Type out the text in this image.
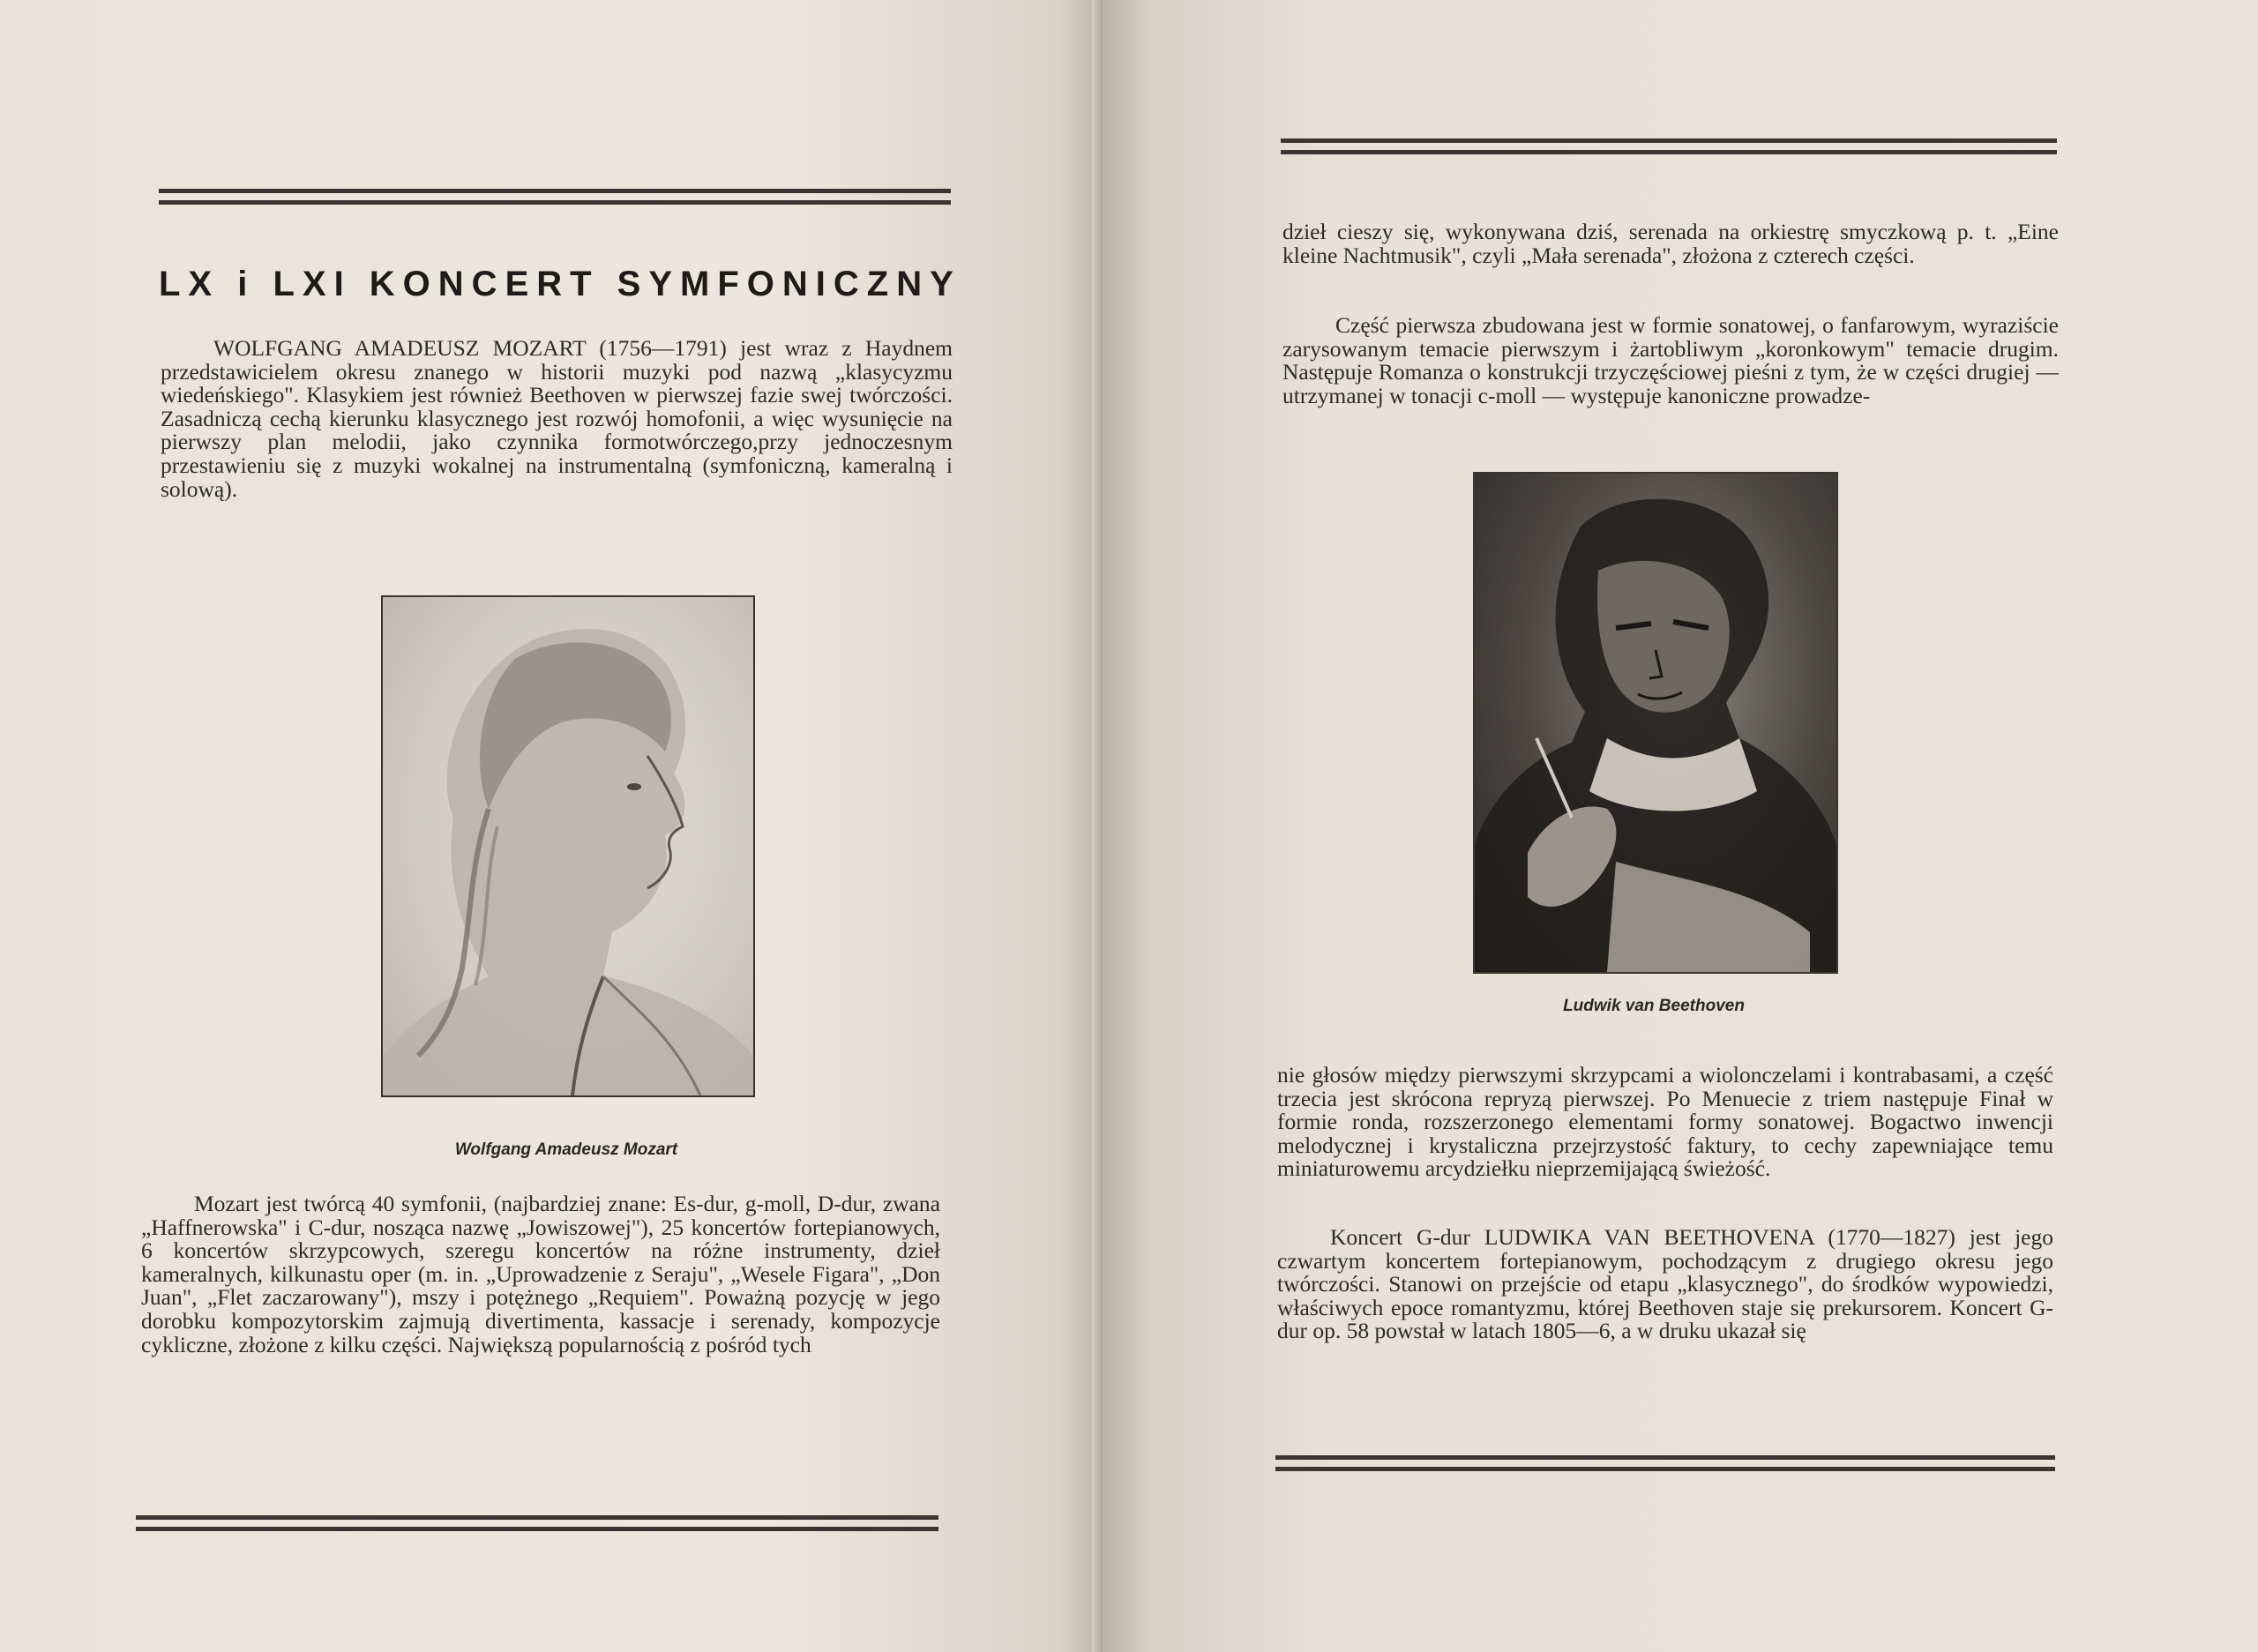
LX i LXI KONCERT SYMFONICZNY

WOLFGANG AMADEUSZ MOZART (1756—1791) jest wraz z Haydnem przedstawicielem okresu znanego w historii muzyki pod nazwą „klasycyzmu wiedeńskiego". Klasykiem jest również Beethoven w pierwszej fazie swej twórczości. Zasadniczą cechą kierunku klasycznego jest rozwój homofonii, a więc wysunięcie na pierwszy plan melodii, jako czynnika formotwórczego,przy jednoczesnym przestawieniu się z muzyki wokalnej na instrumentalną (symfoniczną, kameralną i solową).

Wolfgang Amadeusz Mozart

Mozart jest twórcą 40 symfonii, (najbardziej znane: Es-dur, g-moll, D-dur, zwana „Haffnerowska" i C-dur, nosząca nazwę „Jowiszowej"), 25 koncertów fortepianowych, 6 koncertów skrzypcowych, szeregu koncertów na różne instrumenty, dzieł kameralnych, kilkunastu oper (m. in. „Uprowadzenie z Seraju", „Wesele Figara", „Don Juan", „Flet zaczarowany"), mszy i potężnego „Requiem". Poważną pozycję w jego dorobku kompozytorskim zajmują divertimenta, kassacje i serenady, kompozycje cykliczne, złożone z kilku części. Największą popularnością z pośród tych

dzieł cieszy się, wykonywana dziś, serenada na orkiestrę smyczkową p. t. „Eine kleine Nachtmusik", czyli „Mała serenada", złożona z czterech części.

Część pierwsza zbudowana jest w formie sonatowej, o fanfarowym, wyraziście zarysowanym temacie pierwszym i żartobliwym „koronkowym" temacie drugim. Następuje Romanza o konstrukcji trzyczęściowej pieśni z tym, że w części drugiej — utrzymanej w tonacji c-moll — występuje kanoniczne prowadze-

Ludwik van Beethoven

nie głosów między pierwszymi skrzypcami a wiolonczelami i kontrabasami, a część trzecia jest skrócona repryzą pierwszej. Po Menuecie z triem następuje Finał w formie ronda, rozszerzonego elementami formy sonatowej. Bogactwo inwencji melodycznej i krystaliczna przejrzystość faktury, to cechy zapewniające temu miniaturowemu arcydziełku nieprzemijającą świeżość.

Koncert G-dur LUDWIKA VAN BEETHOVENA (1770—1827) jest jego czwartym koncertem fortepianowym, pochodzącym z drugiego okresu jego twórczości. Stanowi on przejście od etapu „klasycznego", do środków wypowiedzi, właściwych epoce romantyzmu, której Beethoven staje się prekursorem. Koncert G-dur op. 58 powstał w latach 1805—6, a w druku ukazał się
